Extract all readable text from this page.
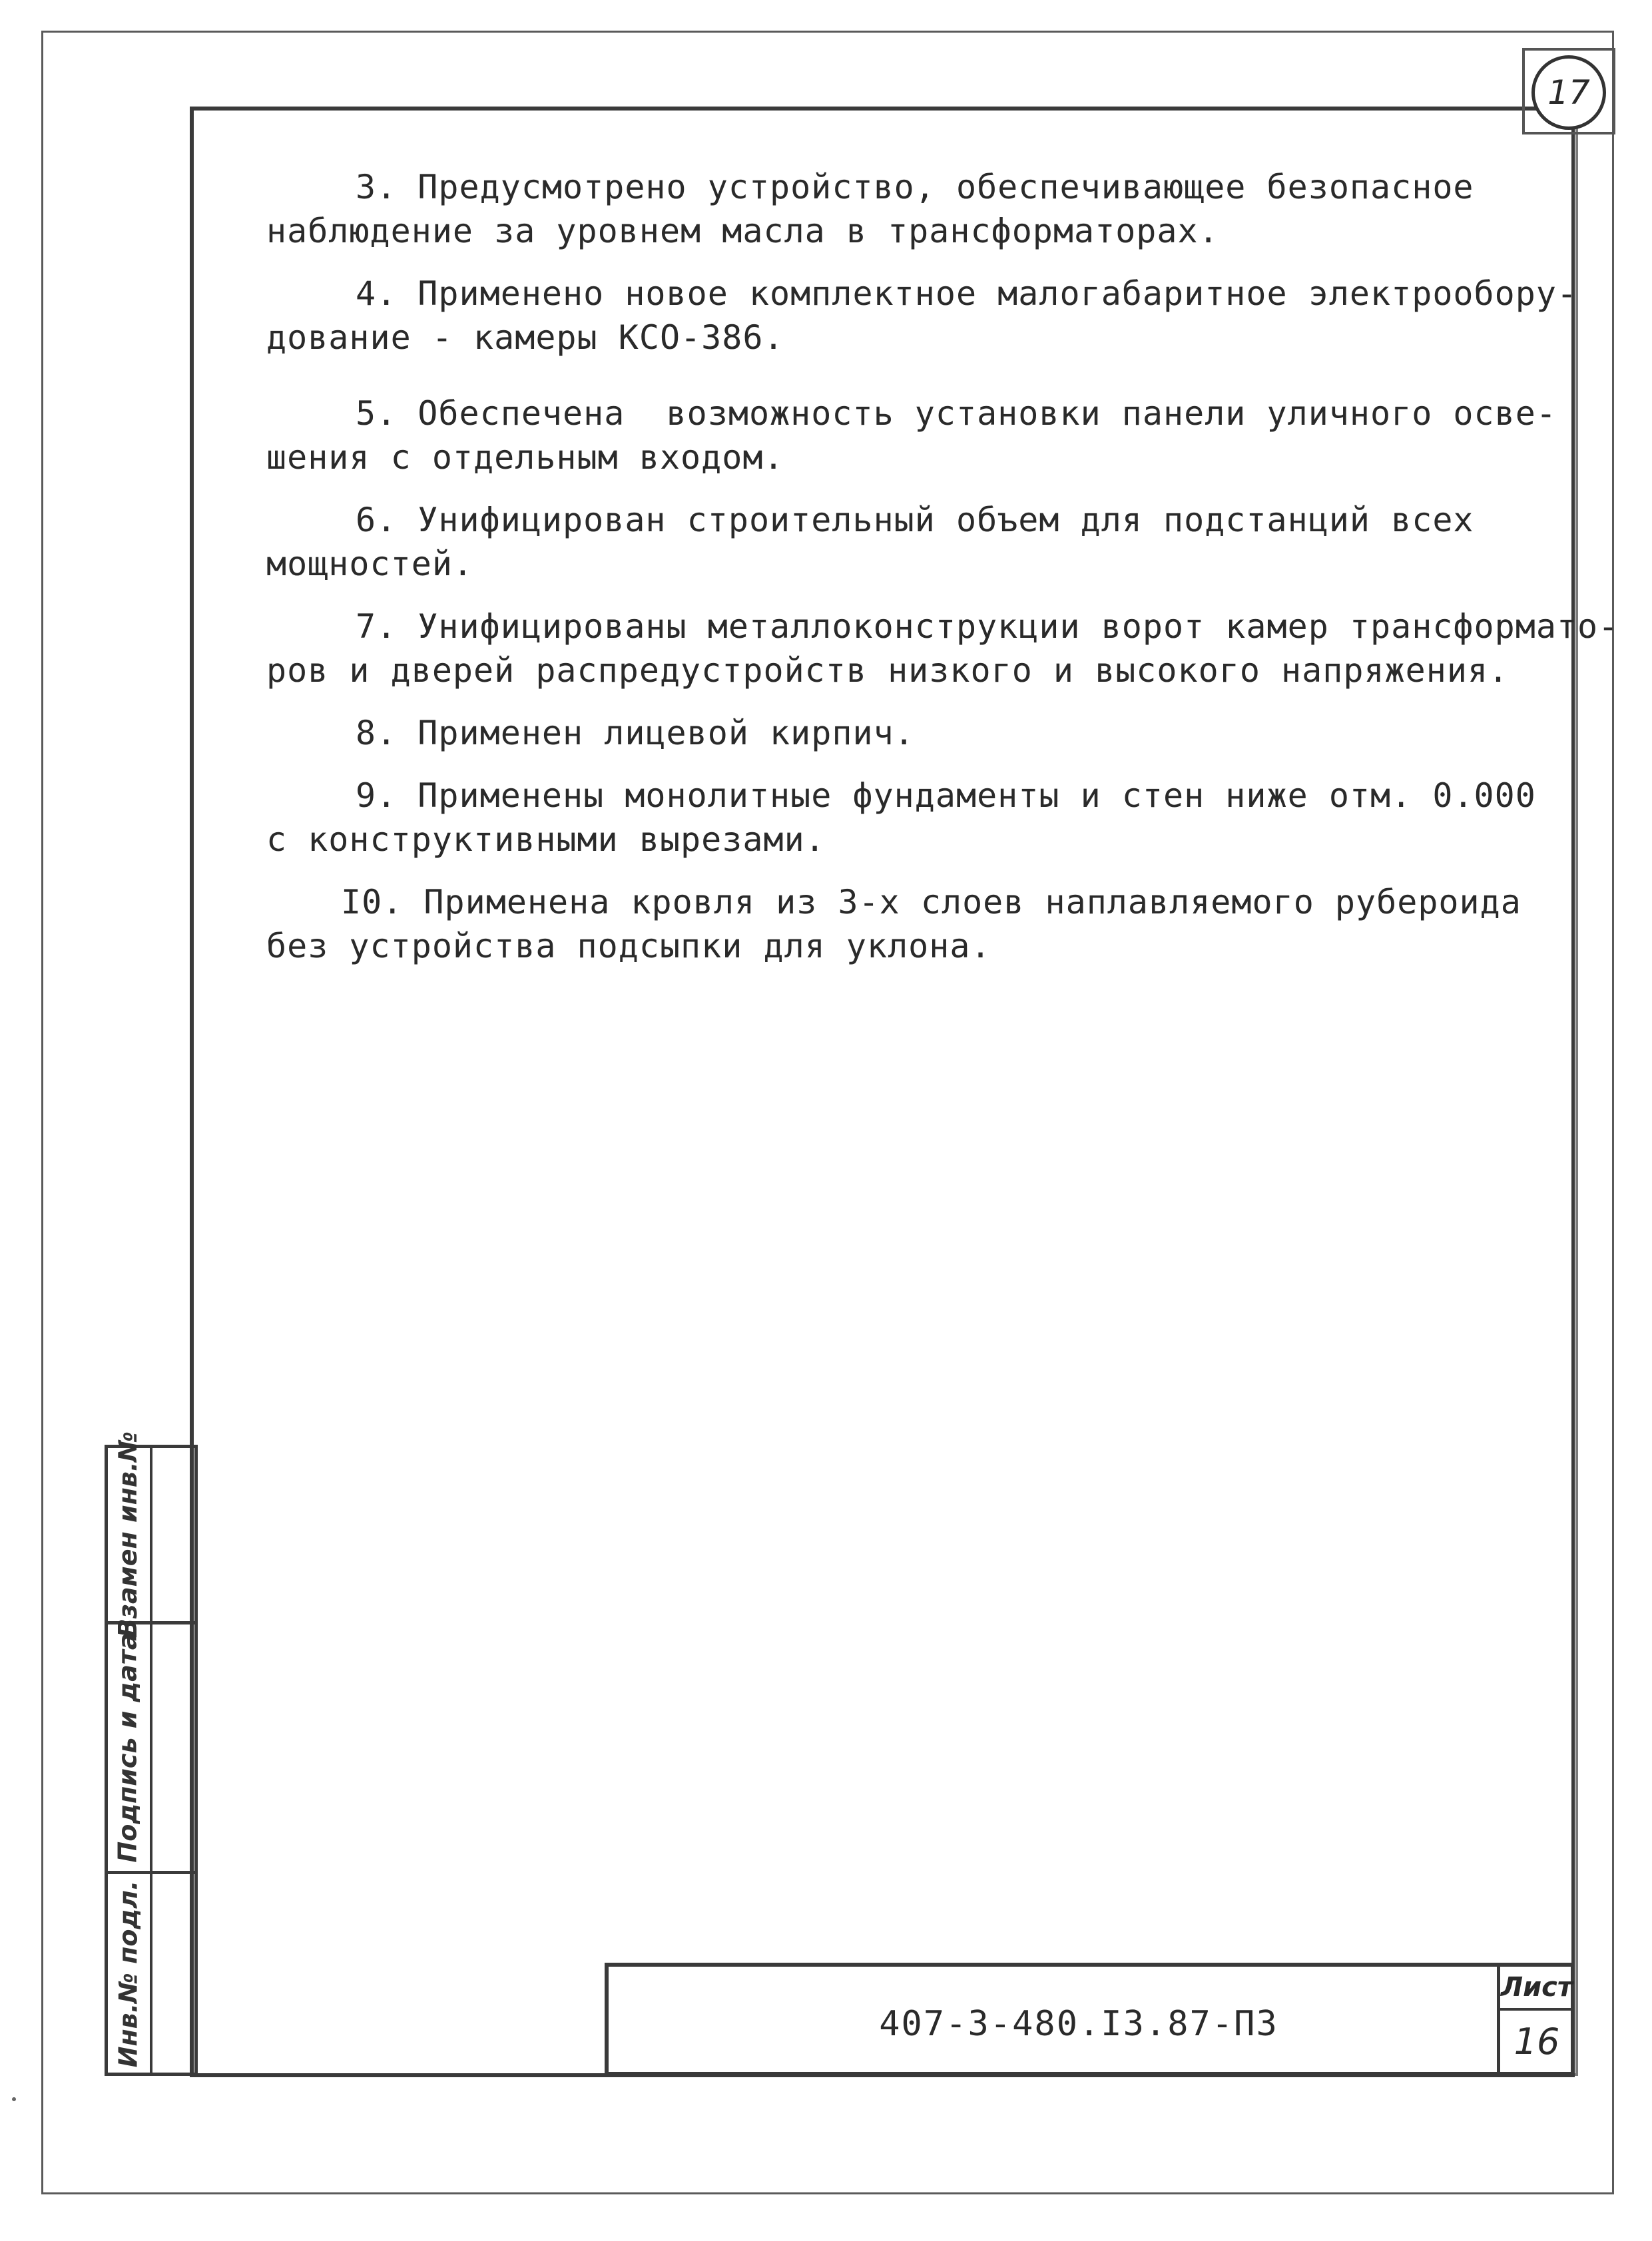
17

3. Предусмотрено устройство, обеспечивающее безопасное
наблюдение за уровнем масла в трансформаторах.

4. Применено новое комплектное малогабаритное электрообору-
дование - камеры КСО-386.

5. Обеспечена  возможность установки панели уличного осве-
шения с отдельным входом.

6. Унифицирован строительный объем для подстанций всех
мощностей.

7. Унифицированы металлоконструкции ворот камер трансформато-
ров и дверей распредустройств низкого и высокого напряжения.

8. Применен лицевой кирпич.

9. Применены монолитные фундаменты и стен ниже отм. 0.000
с конструктивными вырезами.

I0. Применена кровля из 3-х слоев наплавляемого рубероида
без устройства подсыпки для уклона.

Взамен инв.№
Подпись и дата
Инв.№ подл.	407-3-480.I3.87-ПЗ
Лист
16
